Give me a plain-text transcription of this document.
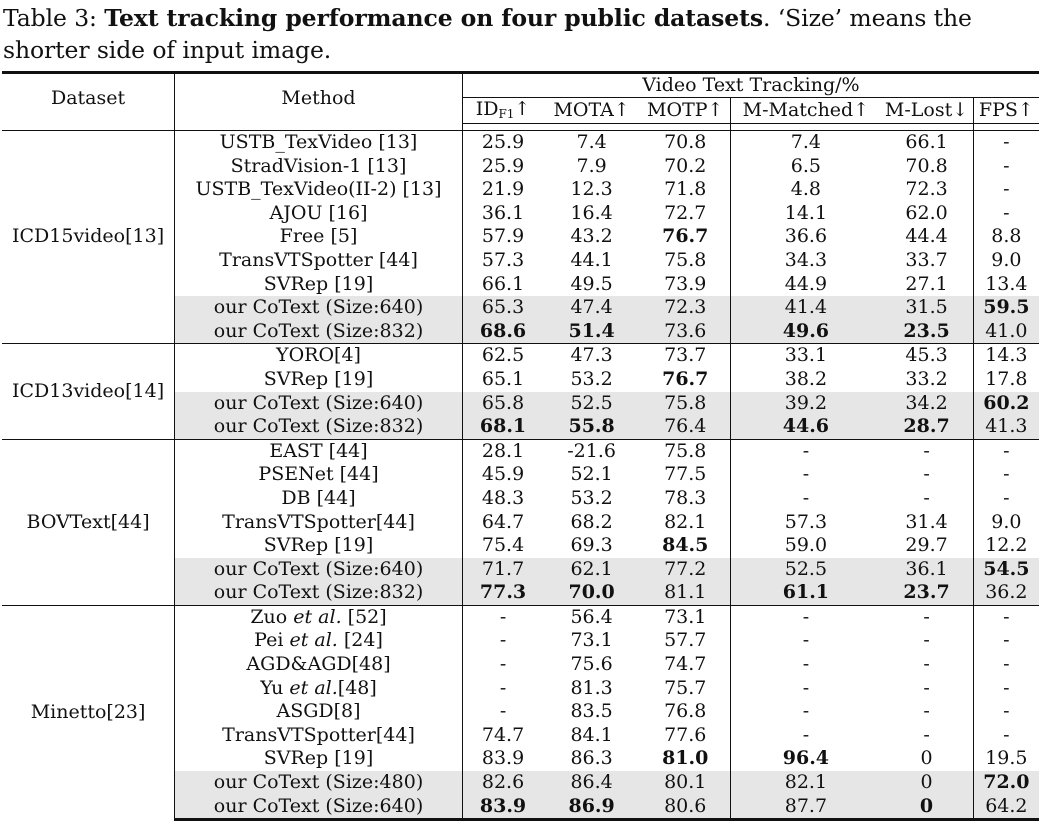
Table 3: Text tracking performance on four public datasets. ‘Size’ means the shorter side of input image.
Dataset	Method	Video Text Tracking/%					
		IDF1↑	MOTA↑	MOTP↑	M-Matched↑	M-Lost↓	FPS↑

ICD15video[13]	USTB_TexVideo [13]	25.9	7.4	70.8	7.4	66.1	-
	StradVision-1 [13]	25.9	7.9	70.2	6.5	70.8	-
	USTB_TexVideo(II-2) [13]	21.9	12.3	71.8	4.8	72.3	-
	AJOU [16]	36.1	16.4	72.7	14.1	62.0	-
	Free [5]	57.9	43.2	76.7	36.6	44.4	8.8
	TransVTSpotter [44]	57.3	44.1	75.8	34.3	33.7	9.0
	SVRep [19]	66.1	49.5	73.9	44.9	27.1	13.4
	our CoText (Size:640)	65.3	47.4	72.3	41.4	31.5	59.5
	our CoText (Size:832)	68.6	51.4	73.6	49.6	23.5	41.0
ICD13video[14]	YORO[4]	62.5	47.3	73.7	33.1	45.3	14.3
	SVRep [19]	65.1	53.2	76.7	38.2	33.2	17.8
	our CoText (Size:640)	65.8	52.5	75.8	39.2	34.2	60.2
	our CoText (Size:832)	68.1	55.8	76.4	44.6	28.7	41.3
BOVText[44]	EAST [44]	28.1	-21.6	75.8	-	-	-
	PSENet [44]	45.9	52.1	77.5	-	-	-
	DB [44]	48.3	53.2	78.3	-	-	-
	TransVTSpotter[44]	64.7	68.2	82.1	57.3	31.4	9.0
	SVRep [19]	75.4	69.3	84.5	59.0	29.7	12.2
	our CoText (Size:640)	71.7	62.1	77.2	52.5	36.1	54.5
	our CoText (Size:832)	77.3	70.0	81.1	61.1	23.7	36.2
Minetto[23]	Zuo et al. [52]	-	56.4	73.1	-	-	-
	Pei et al. [24]	-	73.1	57.7	-	-	-
	AGD&AGD[48]	-	75.6	74.7	-	-	-
	Yu et al.[48]	-	81.3	75.7	-	-	-
	ASGD[8]	-	83.5	76.8	-	-	-
	TransVTSpotter[44]	74.7	84.1	77.6	-	-	-
	SVRep [19]	83.9	86.3	81.0	96.4	0	19.5
	our CoText (Size:480)	82.6	86.4	80.1	82.1	0	72.0
	our CoText (Size:640)	83.9	86.9	80.6	87.7	0	64.2
